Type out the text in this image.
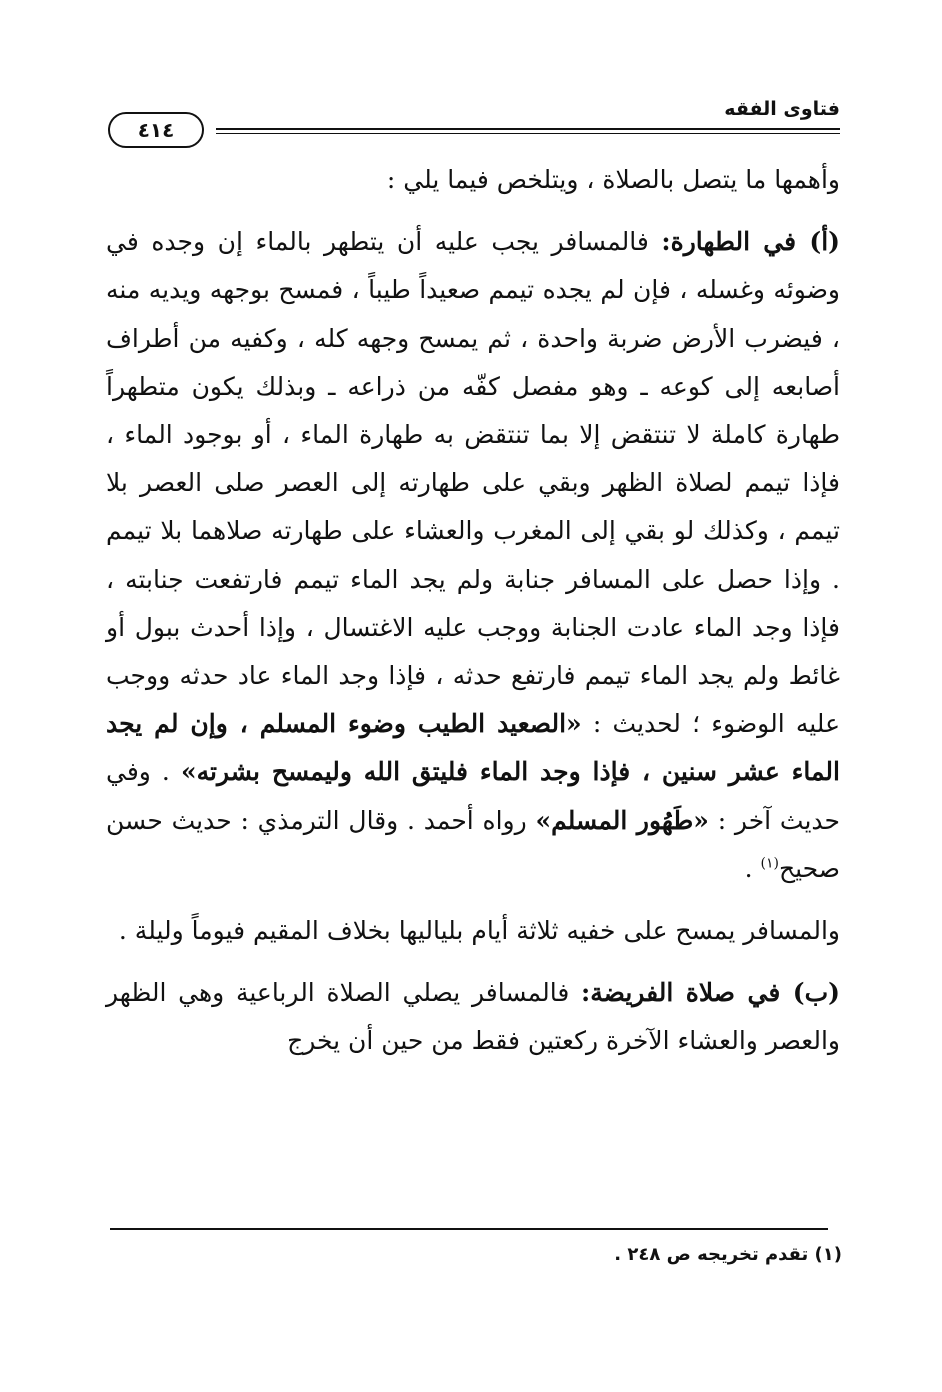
فتاوى الفقه
٤١٤

وأهمها ما يتصل بالصلاة ، ويتلخص فيما يلي :

(أ) في الطهارة: فالمسافر يجب عليه أن يتطهر بالماء إن وجده في وضوئه وغسله ، فإن لم يجده تيمم صعيداً طيباً ، فمسح بوجهه ويديه منه ، فيضرب الأرض ضربة واحدة ، ثم يمسح وجهه كله ، وكفيه من أطراف أصابعه إلى كوعه ـ وهو مفصل كفّه من ذراعه ـ وبذلك يكون متطهراً طهارة كاملة لا تنتقض إلا بما تنتقض به طهارة الماء ، أو بوجود الماء ، فإذا تيمم لصلاة الظهر وبقي على طهارته إلى العصر صلى العصر بلا تيمم ، وكذلك لو بقي إلى المغرب والعشاء على طهارته صلاهما بلا تيمم . وإذا حصل على المسافر جنابة ولم يجد الماء تيمم فارتفعت جنابته ، فإذا وجد الماء عادت الجنابة ووجب عليه الاغتسال ، وإذا أحدث ببول أو غائط ولم يجد الماء تيمم فارتفع حدثه ، فإذا وجد الماء عاد حدثه ووجب عليه الوضوء ؛ لحديث : «الصعيد الطيب وضوء المسلم ، وإن لم يجد الماء عشر سنين ، فإذا وجد الماء فليتق الله وليمسح بشرته» . وفي حديث آخر : «طَهُور المسلم» رواه أحمد . وقال الترمذي : حديث حسن صحيح$^{(١)}$ .

والمسافر يمسح على خفيه ثلاثة أيام بلياليها بخلاف المقيم فيوماً وليلة .

(ب) في صلاة الفريضة: فالمسافر يصلي الصلاة الرباعية وهي الظهر والعصر والعشاء الآخرة ركعتين فقط من حين أن يخرج

(١) تقدم تخريجه ص ٢٤٨ .
